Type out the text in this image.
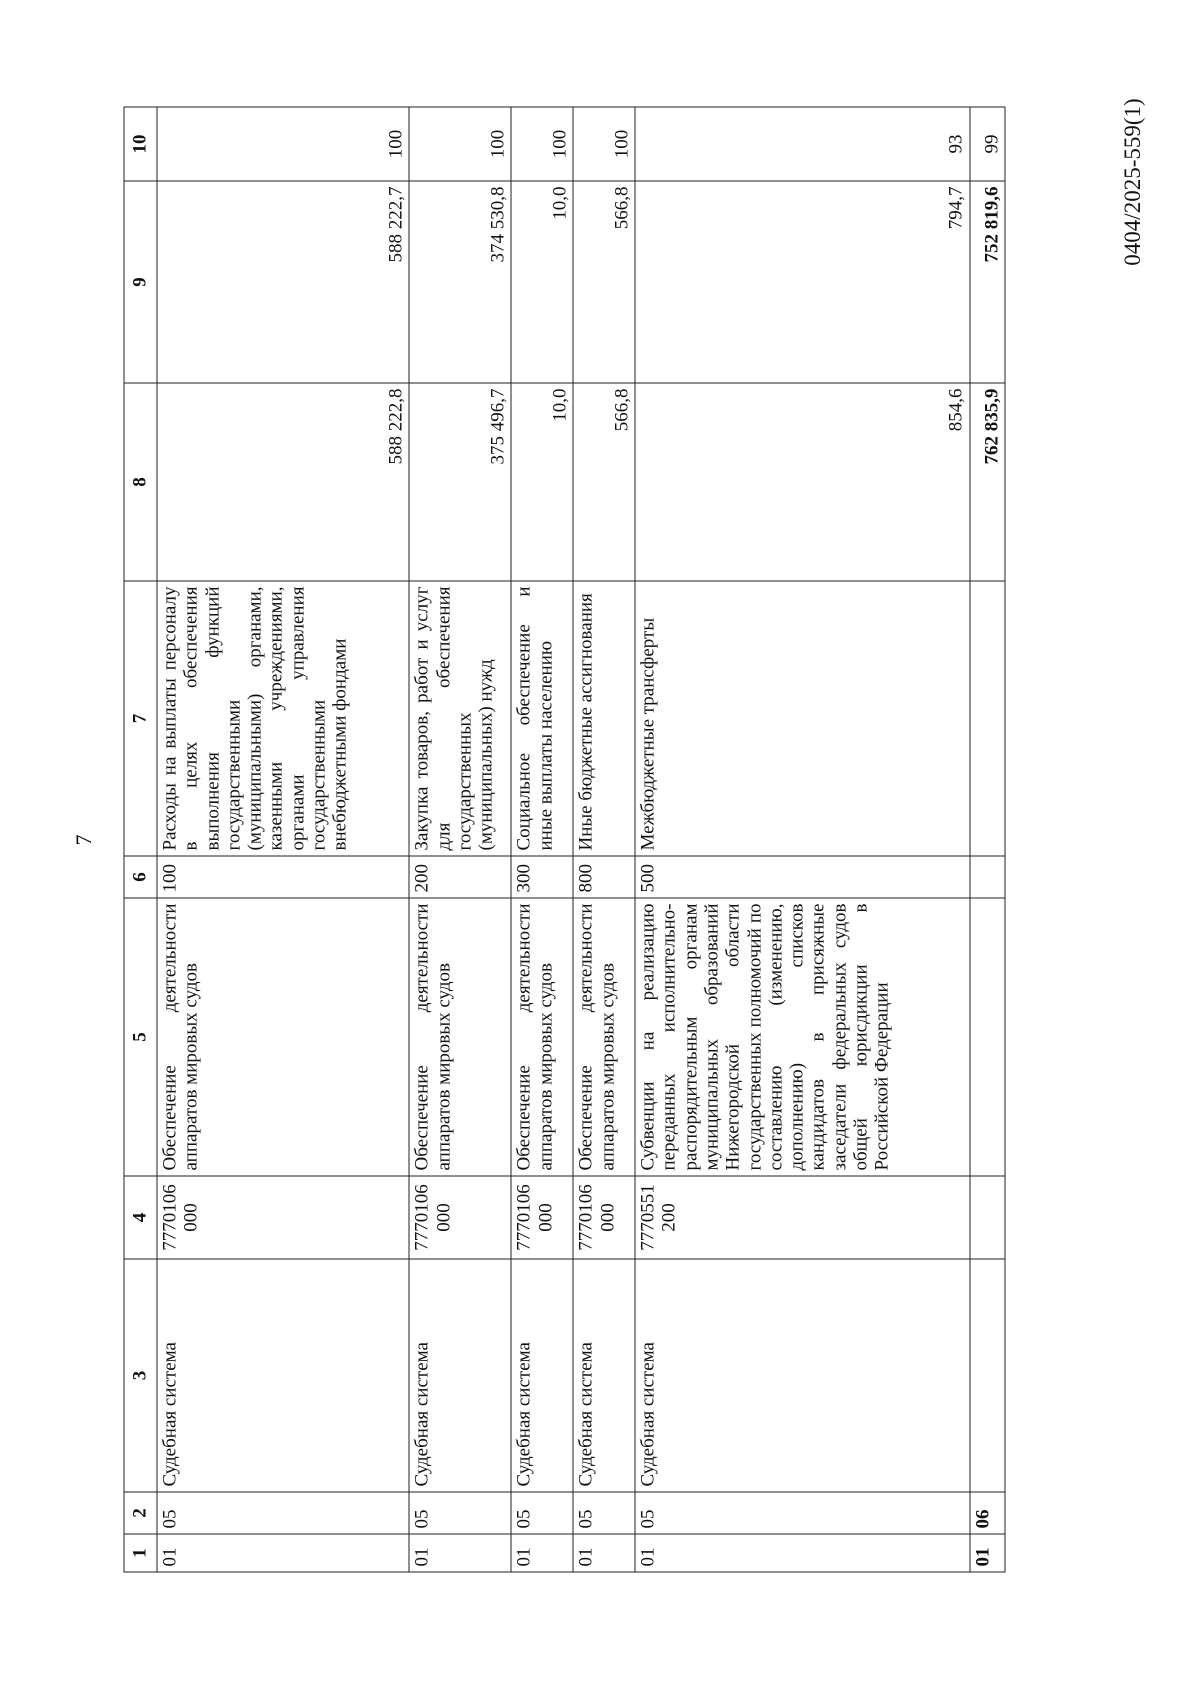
7
0404/2025-559(1)
1	2	3	4	5	6	7	8	9	10
01	05	Судебная система	7770106 000	Обеспечение деятельности аппаратов мировых судов	100	Расходы на выплаты персоналу в целях обеспечения выполнения функций государственными (муниципальными) органами, казенными учреждениями, органами управления государственными внебюджетными фондами	588 222,8	588 222,7	100
01	05	Судебная система	7770106 000	Обеспечение деятельности аппаратов мировых судов	200	Закупка товаров, работ и услуг для обеспечения государственных (муниципальных) нужд	375 496,7	374 530,8	100
01	05	Судебная система	7770106 000	Обеспечение деятельности аппаратов мировых судов	300	Социальное обеспечение и иные выплаты населению	10,0	10,0	100
01	05	Судебная система	7770106 000	Обеспечение деятельности аппаратов мировых судов	800	Иные бюджетные ассигнования	566,8	566,8	100
01	05	Судебная система	7770551 200	Субвенции на реализацию переданных исполнительно-распорядительным органам муниципальных образований Нижегородской области государственных полномочий по составлению (изменению, дополнению) списков кандидатов в присяжные заседатели федеральных судов общей юрисдикции в Российской Федерации	500	Межбюджетные трансферты	854,6	794,7	93
01	06						762 835,9	752 819,6	99
